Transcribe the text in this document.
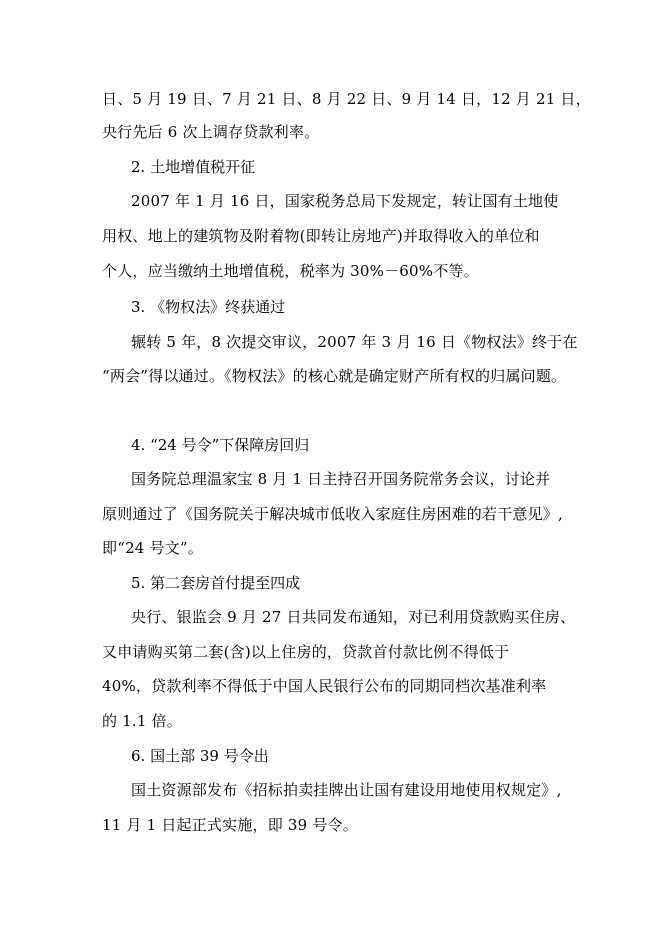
日、5 月 19 日、7 月 21 日、8 月 22 日、9 月 14 日，12 月 21 日，
央行先后 6 次上调存贷款利率。
2. 土地增值税开征
2007 年 1 月 16 日，国家税务总局下发规定，转让国有土地使
用权、地上的建筑物及附着物(即转让房地产)并取得收入的单位和
个人，应当缴纳土地增值税，税率为 30%－60%不等。
3. 《物权法》终获通过
辗转 5 年，8 次提交审议，2007 年 3 月 16 日《物权法》终于在
“两会”得以通过。《物权法》的核心就是确定财产所有权的归属问题。
4. “24 号令”下保障房回归
国务院总理温家宝 8 月 1 日主持召开国务院常务会议，讨论并
原则通过了《国务院关于解决城市低收入家庭住房困难的若干意见》,
即“24 号文”。
5. 第二套房首付提至四成
央行、银监会 9 月 27 日共同发布通知，对已利用贷款购买住房、
又申请购买第二套(含)以上住房的，贷款首付款比例不得低于
40%，贷款利率不得低于中国人民银行公布的同期同档次基准利率
的 1.1 倍。
6. 国土部 39 号令出
国土资源部发布《招标拍卖挂牌出让国有建设用地使用权规定》,
11 月 1 日起正式实施，即 39 号令。
